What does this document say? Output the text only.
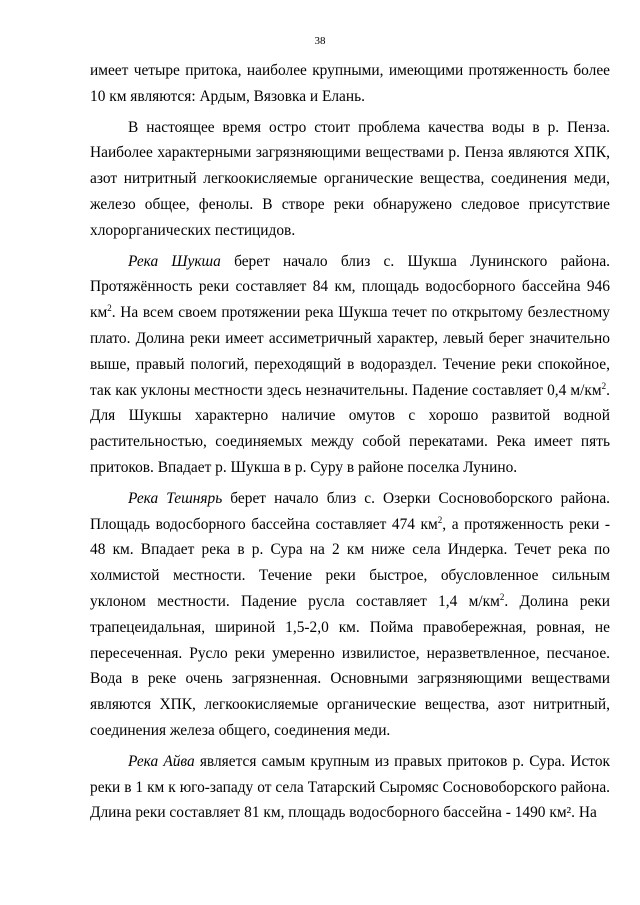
38

имеет четыре притока, наиболее крупными, имеющими протяженность более 10 км являются: Ардым, Вязовка и Елань.

В настоящее время остро стоит проблема качества воды в р. Пенза. Наиболее характерными загрязняющими веществами р. Пенза являются ХПК, азот нитритный легкоокисляемые органические вещества, соединения меди, железо общее, фенолы. В створе реки обнаружено следовое присутствие хлорорганических пестицидов.

Река Шукша берет начало близ с. Шукша Лунинского района. Протяжённость реки составляет 84 км, площадь водосборного бассейна 946 $км^2$. На всем своем протяжении река Шукша течет по открытому безлестному плато. Долина реки имеет ассиметричный характер, левый берег значительно выше, правый пологий, переходящий в водораздел. Течение реки спокойное, так как уклоны местности здесь незначительны. Падение составляет 0,4 $м/км^2$. Для Шукшы характерно наличие омутов с хорошо развитой водной растительностью, соединяемых между собой перекатами. Река имеет пять притоков. Впадает р. Шукша в р. Суру в районе поселка Лунино.

Река Тешнярь берет начало близ с. Озерки Сосновоборского района. Площадь водосборного бассейна составляет 474 $км^2$, а протяженность реки - 48 км. Впадает река в р. Сура на 2 км ниже села Индерка. Течет река по холмистой местности. Течение реки быстрое, обусловленное сильным уклоном местности. Падение русла составляет 1,4 $м/км^2$. Долина реки трапецеидальная, шириной 1,5-2,0 км. Пойма правобережная, ровная, не пересеченная. Русло реки умеренно извилистое, неразветвленное, песчаное. Вода в реке очень загрязненная. Основными загрязняющими веществами являются ХПК, легкоокисляемые органические вещества, азот нитритный, соединения железа общего, соединения меди.

Река Айва является самым крупным из правых притоков р. Сура. Исток реки в 1 км к юго-западу от села Татарский Сыромяс Сосновоборского района. Длина реки составляет 81 км, площадь водосборного бассейна - 1490 км². На
